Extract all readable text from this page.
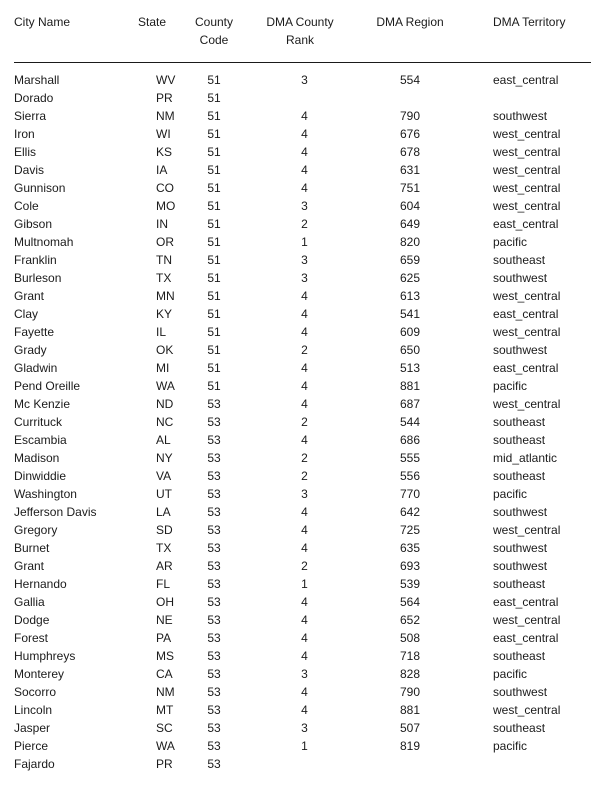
City Name	State	County Code	DMA County Rank	DMA Region	DMA Territory

Marshall	WV	51	3	554	east_central
Dorado	PR	51			
Sierra	NM	51	4	790	southwest
Iron	WI	51	4	676	west_central
Ellis	KS	51	4	678	west_central
Davis	IA	51	4	631	west_central
Gunnison	CO	51	4	751	west_central
Cole	MO	51	3	604	west_central
Gibson	IN	51	2	649	east_central
Multnomah	OR	51	1	820	pacific
Franklin	TN	51	3	659	southeast
Burleson	TX	51	3	625	southwest
Grant	MN	51	4	613	west_central
Clay	KY	51	4	541	east_central
Fayette	IL	51	4	609	west_central
Grady	OK	51	2	650	southwest
Gladwin	MI	51	4	513	east_central
Pend Oreille	WA	51	4	881	pacific
Mc Kenzie	ND	53	4	687	west_central
Currituck	NC	53	2	544	southeast
Escambia	AL	53	4	686	southeast
Madison	NY	53	2	555	mid_atlantic
Dinwiddie	VA	53	2	556	southeast
Washington	UT	53	3	770	pacific
Jefferson Davis	LA	53	4	642	southwest
Gregory	SD	53	4	725	west_central
Burnet	TX	53	4	635	southwest
Grant	AR	53	2	693	southwest
Hernando	FL	53	1	539	southeast
Gallia	OH	53	4	564	east_central
Dodge	NE	53	4	652	west_central
Forest	PA	53	4	508	east_central
Humphreys	MS	53	4	718	southeast
Monterey	CA	53	3	828	pacific
Socorro	NM	53	4	790	southwest
Lincoln	MT	53	4	881	west_central
Jasper	SC	53	3	507	southeast
Pierce	WA	53	1	819	pacific
Fajardo	PR	53			
